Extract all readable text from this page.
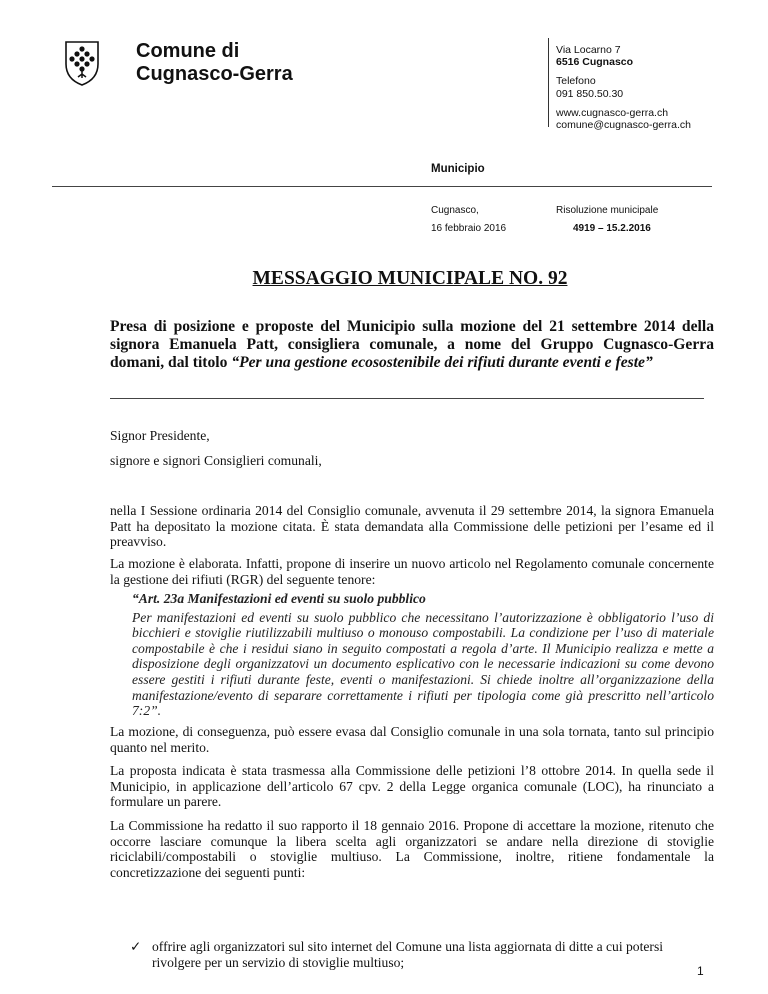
Comune di
Cugnasco-Gerra
Via Locarno 7
6516 Cugnasco
Telefono
091 850.50.30
www.cugnasco-gerra.ch
comune@cugnasco-gerra.ch
Municipio
Cugnasco,
16 febbraio 2016
Risoluzione municipale
4919 – 15.2.2016
MESSAGGIO MUNICIPALE NO. 92
Presa di posizione e proposte del Municipio sulla mozione del 21 settembre 2014 della signora Emanuela Patt, consigliera comunale, a nome del Gruppo Cugnasco-Gerra domani, dal titolo “Per una gestione ecosostenibile dei rifiuti durante eventi e feste”
Signor Presidente,
signore e signori Consiglieri comunali,
nella I Sessione ordinaria 2014 del Consiglio comunale, avvenuta il 29 settembre 2014, la signora Emanuela Patt ha depositato la mozione citata. È stata demandata alla Commissione delle petizioni per l’esame ed il preavviso.
La mozione è elaborata. Infatti, propone di inserire un nuovo articolo nel Regolamento comunale concernente la gestione dei rifiuti (RGR) del seguente tenore:
“Art. 23a Manifestazioni ed eventi su suolo pubblico
Per manifestazioni ed eventi su suolo pubblico che necessitano l’autorizzazione è obbligatorio l’uso di bicchieri e stoviglie riutilizzabili multiuso o monouso compostabili. La condizione per l’uso di materiale compostabile è che i residui siano in seguito compostati a regola d’arte. Il Municipio realizza e mette a disposizione degli organizzatovi un documento esplicativo con le necessarie indicazioni su come devono essere gestiti i rifiuti durante feste, eventi o manifestazioni. Si chiede inoltre all’organizzazione della manifestazione/evento di separare correttamente i rifiuti per tipologia come già prescritto nell’articolo 7:2”.
La mozione, di conseguenza, può essere evasa dal Consiglio comunale in una sola tornata, tanto sul principio quanto nel merito.
La proposta indicata è stata trasmessa alla Commissione delle petizioni l’8 ottobre 2014. In quella sede il Municipio, in applicazione dell’articolo 67 cpv. 2 della Legge organica comunale (LOC), ha rinunciato a formulare un parere.
La Commissione ha redatto il suo rapporto il 18 gennaio 2016. Propone di accettare la mozione, ritenuto che occorre lasciare comunque la libera scelta agli organizzatori se andare nella direzione di stoviglie riciclabili/compostabili o stoviglie multiuso. La Commissione, inoltre, ritiene fondamentale la concretizzazione dei seguenti punti:
✓ offrire agli organizzatori sul sito internet del Comune una lista aggiornata di ditte a cui potersi rivolgere per un servizio di stoviglie multiuso;
1
